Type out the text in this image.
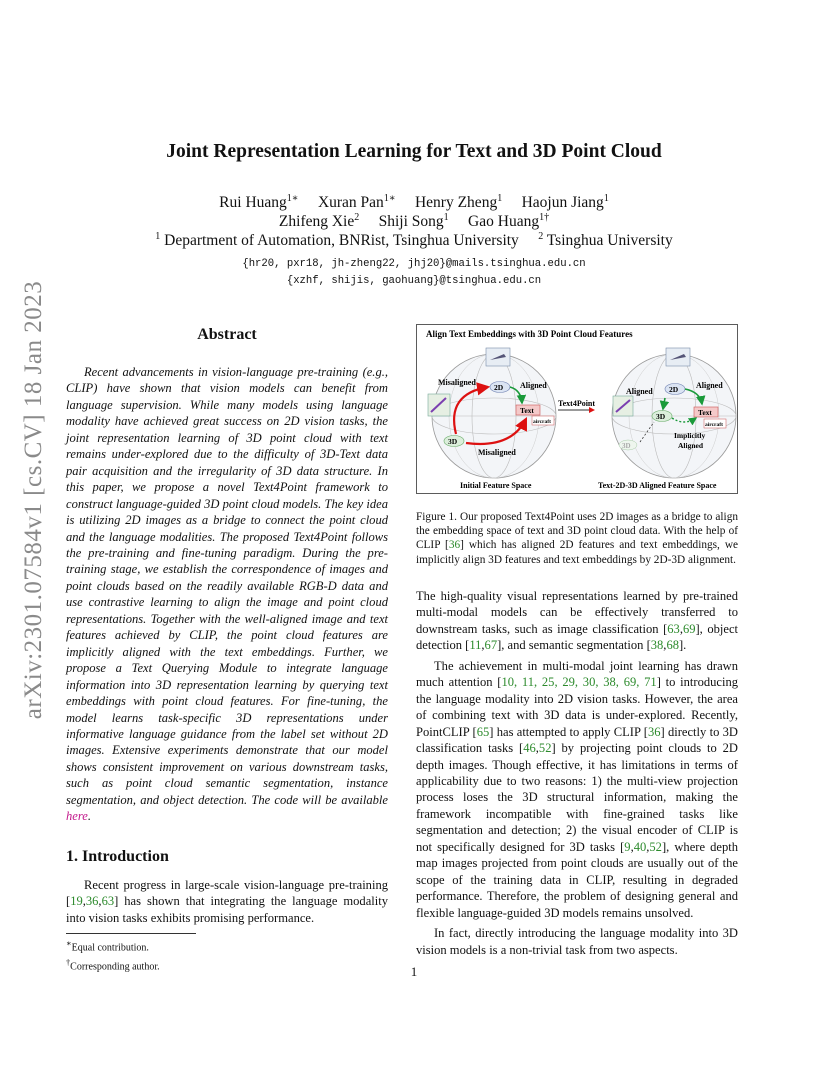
arXiv:2301.07584v1 [cs.CV] 18 Jan 2023
Joint Representation Learning for Text and 3D Point Cloud
Rui Huang$^{1∗}$ Xuran Pan$^{1∗}$ Henry Zheng$^1$ Haojun Jiang$^1$
Zhifeng Xie$^2$ Shiji Song$^1$ Gao Huang$^{1\dagger}$
$^1$ Department of Automation, BNRist, Tsinghua University $^2$ Tsinghua University
{hr20, pxr18, jh-zheng22, jhj20}@mails.tsinghua.edu.cn
{xzhf, shijis, gaohuang}@tsinghua.edu.cn
Abstract

Recent advancements in vision-language pre-training (e.g., CLIP) have shown that vision models can benefit from language supervision. While many models using language modality have achieved great success on 2D vision tasks, the joint representation learning of 3D point cloud with text remains under-explored due to the difficulty of 3D-Text data pair acquisition and the irregularity of 3D data structure. In this paper, we propose a novel Text4Point framework to construct language-guided 3D point cloud models. The key idea is utilizing 2D images as a bridge to connect the point cloud and the language modalities. The proposed Text4Point follows the pre-training and fine-tuning paradigm. During the pre-training stage, we establish the correspondence of images and point clouds based on the readily available RGB-D data and use contrastive learning to align the image and point cloud representations. Together with the well-aligned image and text features achieved by CLIP, the point cloud features are implicitly aligned with the text embeddings. Further, we propose a Text Querying Module to integrate language information into 3D representation learning by querying text embeddings with point cloud features. For fine-tuning, the model learns task-specific 3D representations under informative language guidance from the label set without 2D images. Extensive experiments demonstrate that our model shows consistent improvement on various downstream tasks, such as point cloud semantic segmentation, instance segmentation, and object detection. The code will be available here.

1. Introduction

Recent progress in large-scale vision-language pre-training [19,36,63] has shown that integrating the language modality into vision tasks exhibits promising performance.

∗Equal contribution.
†Corresponding author.
Align Text Embeddings with 3D Point Cloud Features
Misaligned
2D Aligned
Text
aircraft
3D
Misaligned
Initial Feature Space
Text4Point
Aligned 2D Aligned
3D
3D
Text
aircraft
Implicitly
Aligned
Text-2D-3D Aligned Feature Space
Figure 1. Our proposed Text4Point uses 2D images as a bridge to align the embedding space of text and 3D point cloud data. With the help of CLIP [36] which has aligned 2D features and text embeddings, we implicitly align 3D features and text embeddings by 2D-3D alignment.

The high-quality visual representations learned by pre-trained multi-modal models can be effectively transferred to downstream tasks, such as image classification [63,69], object detection [11,67], and semantic segmentation [38,68].

The achievement in multi-modal joint learning has drawn much attention [10, 11, 25, 29, 30, 38, 69, 71] to introducing the language modality into 2D vision tasks. However, the area of combining text with 3D data is under-explored. Recently, PointCLIP [65] has attempted to apply CLIP [36] directly to 3D classification tasks [46,52] by projecting point clouds to 2D depth images. Though effective, it has limitations in terms of applicability due to two reasons: 1) the multi-view projection process loses the 3D structural information, making the framework incompatible with fine-grained tasks like segmentation and detection; 2) the visual encoder of CLIP is not specifically designed for 3D tasks [9,40,52], where depth map images projected from point clouds are usually out of the scope of the training data in CLIP, resulting in degraded performance. Therefore, the problem of designing general and flexible language-guided 3D models remains unsolved.

In fact, directly introducing the language modality into 3D vision models is a non-trivial task from two aspects.

1
